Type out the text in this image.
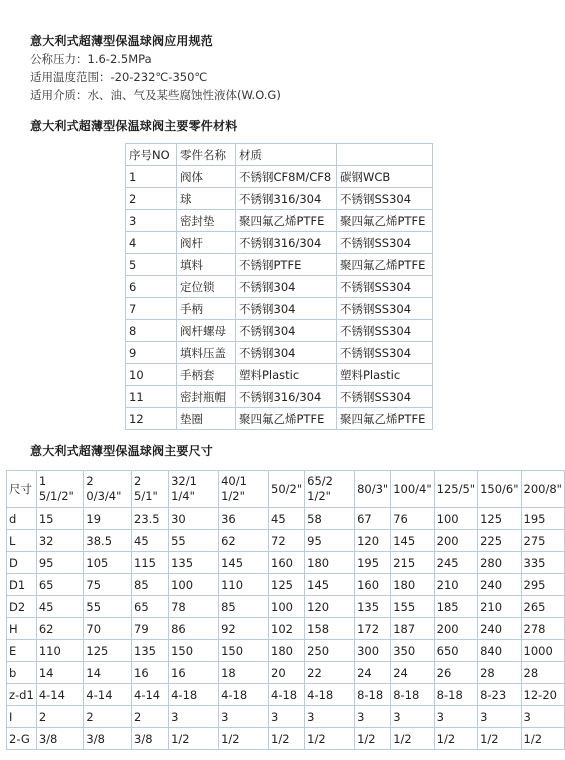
意大利式超薄型保温球阀应用规范
公称压力：1.6-2.5MPa
适用温度范围：-20-232℃-350℃
适用介质：水、油、气及某些腐蚀性液体(W.O.G)
意大利式超薄型保温球阀主要零件材料
序号NO	零件名称	材质	
1	阀体	不锈钢CF8M/CF8	碳钢WCB
2	球	不锈钢316/304	不锈钢SS304
3	密封垫	聚四氟乙烯PTFE	聚四氟乙烯PTFE
4	阀杆	不锈钢316/304	不锈钢SS304
5	填料	不锈钢PTFE	聚四氟乙烯PTFE
6	定位锁	不锈钢304	不锈钢SS304
7	手柄	不锈钢304	不锈钢SS304
8	阀杆螺母	不锈钢304	不锈钢SS304
9	填料压盖	不锈钢304	不锈钢SS304
10	手柄套	塑料Plastic	塑料Plastic
11	密封瓶帽	不锈钢316/304	不锈钢SS304
12	垫圈	聚四氟乙烯PTFE	聚四氟乙烯PTFE
意大利式超薄型保温球阀主要尺寸
尺寸	1 5/1/2"	2 0/3/4"	2 5/1"	32/1 1/4"	40/1 1/2"	50/2"	65/2 1/2"	80/3"	100/4"	125/5"	150/6"	200/8"
d	15	19	23.5	30	36	45	58	67	76	100	125	195
L	32	38.5	45	55	62	72	95	120	145	200	225	275
D	95	105	115	135	145	160	180	195	215	245	280	335
D1	65	75	85	100	110	125	145	160	180	210	240	295
D2	45	55	65	78	85	100	120	135	155	185	210	265
H	62	70	79	86	92	102	158	172	187	200	240	278
E	110	125	135	150	150	180	250	300	350	650	840	1000
b	14	14	16	16	18	20	22	24	24	26	28	28
z-d1	4-14	4-14	4-14	4-18	4-18	4-18	4-18	8-18	8-18	8-18	8-23	12-20
I	2	2	2	3	3	3	3	3	3	3	3	3
2-G	3/8	3/8	3/8	1/2	1/2	1/2	1/2	1/2	1/2	1/2	1/2	1/2
